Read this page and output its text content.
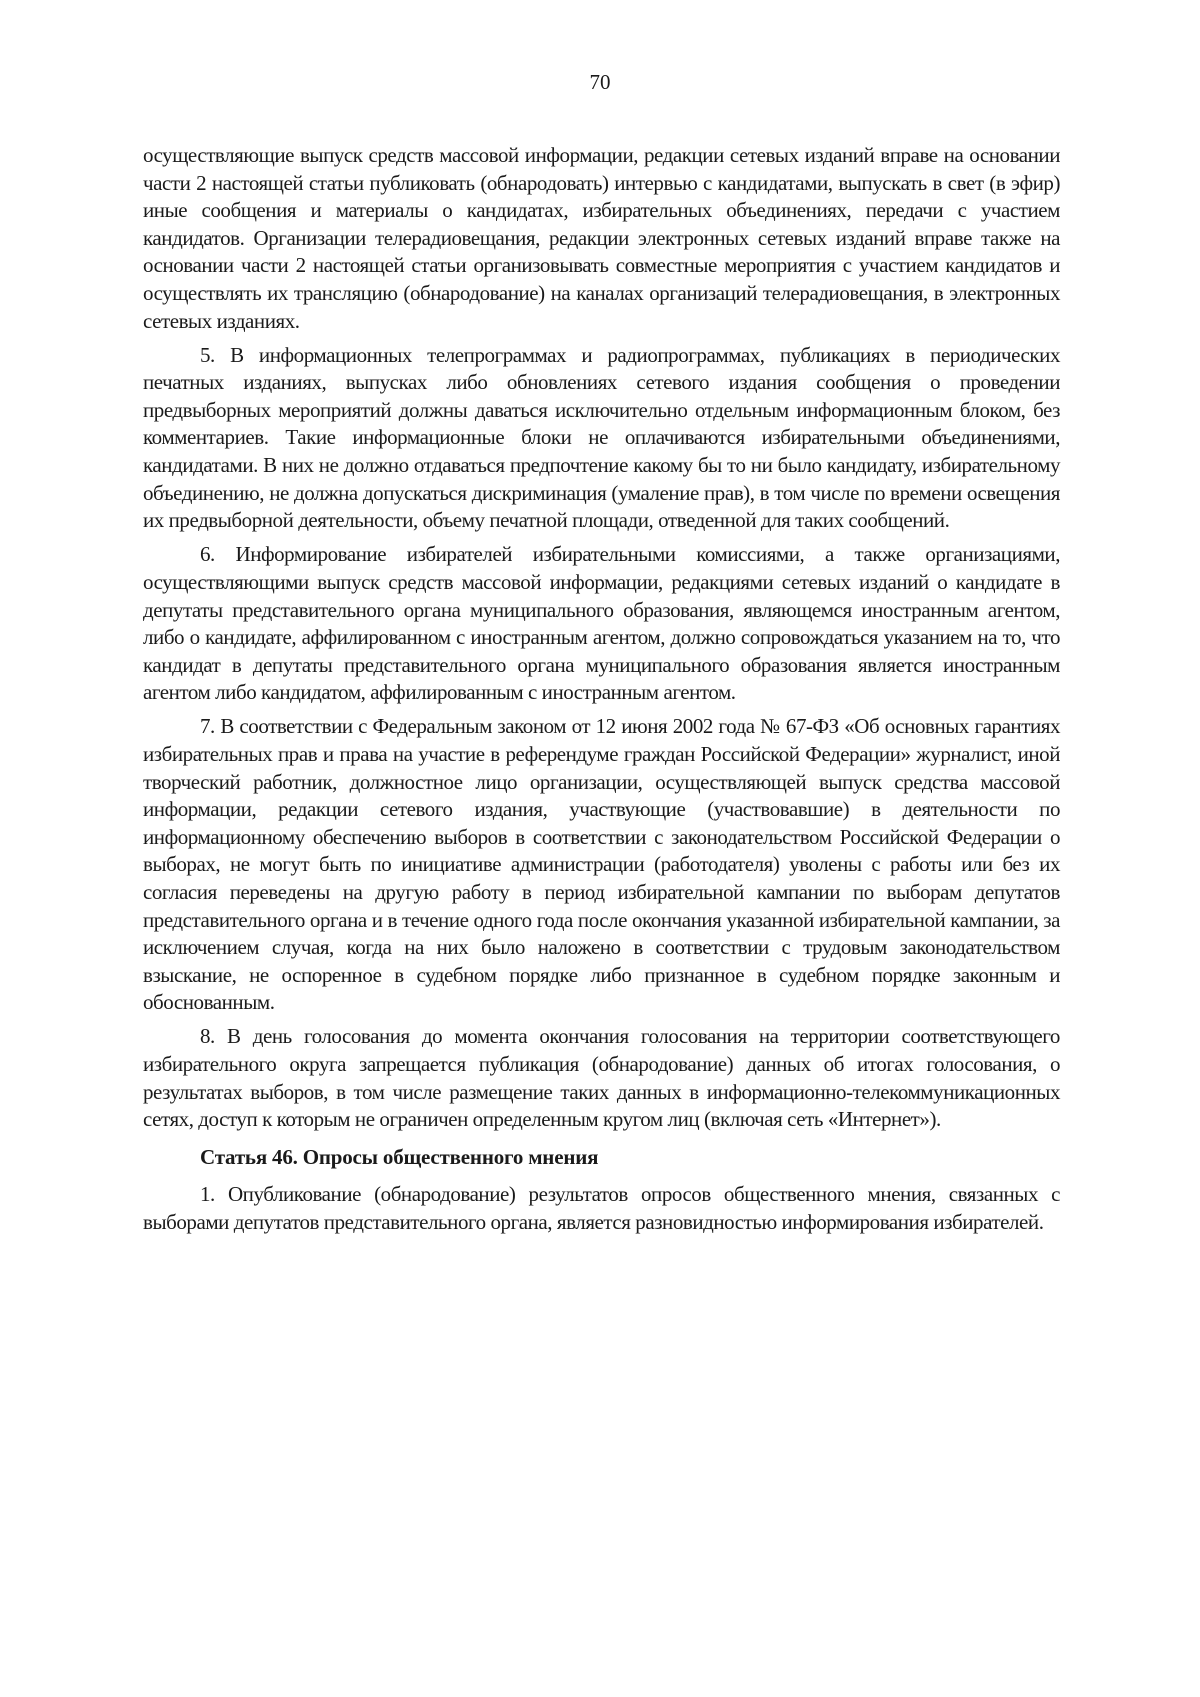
70

осуществляющие выпуск средств массовой информации, редакции сетевых изданий вправе на основании части 2 настоящей статьи публиковать (обнародовать) интервью с кандидатами, выпускать в свет (в эфир) иные сообщения и материалы о кандидатах, избирательных объединениях, передачи с участием кандидатов. Организации телерадиовещания, редакции электронных сетевых изданий вправе также на основании части 2 настоящей статьи организовывать совместные мероприятия с участием кандидатов и осуществлять их трансляцию (обнародование) на каналах организаций телерадиовещания, в электронных сетевых изданиях.

5. В информационных телепрограммах и радиопрограммах, публикациях в периодических печатных изданиях, выпусках либо обновлениях сетевого издания сообщения о проведении предвыборных мероприятий должны даваться исключительно отдельным информационным блоком, без комментариев. Такие информационные блоки не оплачиваются избирательными объединениями, кандидатами. В них не должно отдаваться предпочтение какому бы то ни было кандидату, избирательному объединению, не должна допускаться дискриминация (умаление прав), в том числе по времени освещения их предвыборной деятельности, объему печатной площади, отведенной для таких сообщений.

6. Информирование избирателей избирательными комиссиями, а также организациями, осуществляющими выпуск средств массовой информации, редакциями сетевых изданий о кандидате в депутаты представительного органа муниципального образования, являющемся иностранным агентом, либо о кандидате, аффилированном с иностранным агентом, должно сопровождаться указанием на то, что кандидат в депутаты представительного органа муниципального образования является иностранным агентом либо кандидатом, аффилированным с иностранным агентом.

7. В соответствии с Федеральным законом от 12 июня 2002 года № 67-ФЗ «Об основных гарантиях избирательных прав и права на участие в референдуме граждан Российской Федерации» журналист, иной творческий работник, должностное лицо организации, осуществляющей выпуск средства массовой информации, редакции сетевого издания, участвующие (участвовавшие) в деятельности по информационному обеспечению выборов в соответствии с законодательством Российской Федерации о выборах, не могут быть по инициативе администрации (работодателя) уволены с работы или без их согласия переведены на другую работу в период избирательной кампании по выборам депутатов представительного органа и в течение одного года после окончания указанной избирательной кампании, за исключением случая, когда на них было наложено в соответствии с трудовым законодательством взыскание, не оспоренное в судебном порядке либо признанное в судебном порядке законным и обоснованным.

8. В день голосования до момента окончания голосования на территории соответствующего избирательного округа запрещается публикация (обнародование) данных об итогах голосования, о результатах выборов, в том числе размещение таких данных в информационно-телекоммуникационных сетях, доступ к которым не ограничен определенным кругом лиц (включая сеть «Интернет»).

Статья 46. Опросы общественного мнения

1. Опубликование (обнародование) результатов опросов общественного мнения, связанных с выборами депутатов представительного органа, является разновидностью информирования избирателей.
